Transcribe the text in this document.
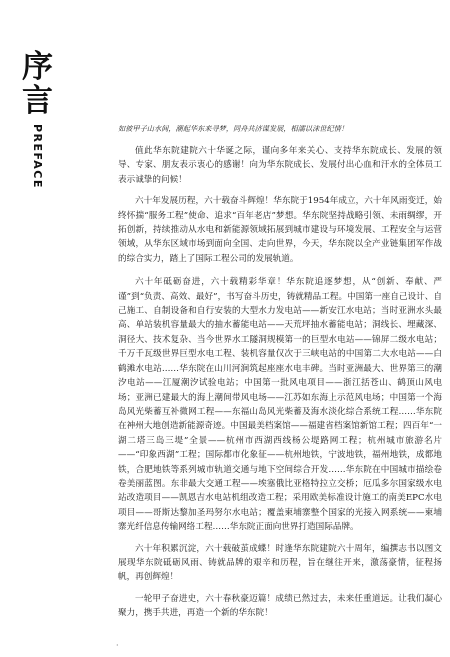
序言
PREFACE	如彼甲子山水间，潮起华东来寻梦，同舟共济谋发展，相濡以沫世纪情！

值此华东院建院六十华诞之际，谨向多年来关心、支持华东院成长、发展的领导、专家、朋友表示衷心的感谢！向为华东院成长、发展付出心血和汗水的全体员工表示诚挚的问候！

六十年发展历程，六十载奋斗辉煌！华东院于1954年成立，六十年风雨变迁，始终怀揣“服务工程”使命、追求“百年老店”梦想。华东院坚持战略引领、未雨绸缪，开拓创新，持续推动从水电和新能源领域拓展到城市建设与环境发展、工程安全与运营领域，从华东区域市场到面向全国、走向世界，今天，华东院以全产业链集团军作战的综合实力，踏上了国际工程公司的发展轨道。

六十年砥砺奋进，六十载精彩华章！华东院追逐梦想，从“创新、奉献、严谨”到“负责、高效、最好”，书写奋斗历史，铸就精品工程。中国第一座自己设计、自己施工、自制设备和自行安装的大型水力发电站——新安江水电站；当时亚洲水头最高、单站装机容量最大的抽水蓄能电站——天荒坪抽水蓄能电站；洞线长、埋藏深、洞径大、技术复杂、当今世界水工隧洞规模第一的巨型水电站——锦屏二级水电站；千万千瓦级世界巨型水电工程、装机容量仅次于三峡电站的中国第二大水电站——白鹤滩水电站……华东院在山川河涧筑起座座水电丰碑。当时亚洲最大、世界第三的潮汐电站——江厦潮汐试验电站；中国第一批风电项目——浙江括苍山、鹤顶山风电场；亚洲已建最大的海上潮间带风电场——江苏如东海上示范风电场；中国第一个海岛风光柴蓄互补微网工程——东福山岛风光柴蓄及海水淡化综合系统工程……华东院在神州大地创造新能源奇迹。中国最美档案馆——福建省档案馆新馆工程；四百年“一湖二塔三岛三堤”全景——杭州市西湖西线杨公堤路网工程；杭州城市旅游名片——“印象西湖”工程；国际都市化象征——杭州地铁，宁波地铁，福州地铁，成都地铁，合肥地铁等系列城市轨道交通与地下空间综合开发……华东院在中国城市描绘卷卷美丽蓝图。东非最大交通工程——埃塞俄比亚格特拉立交桥；厄瓜多尔国家级水电站改造项目——凯恩吉水电站机组改造工程；采用欧美标准设计施工的南美EPC水电项目——哥斯达黎加圣玛努尔水电站；覆盖柬埔寨整个国家的光接入网系统——柬埔寨光纤信息传输网络工程……华东院正面向世界打造国际品牌。

六十年积累沉淀，六十载破茧成蝶！时逢华东院建院六十周年，编撰志书以图文展现华东院砥砺风雨、铸就品牌的艰辛和历程，旨在继往开来，激荡豪情，征程扬帆，再创辉煌！

一轮甲子奋进史，六十春秋豪迈篇！成绩已然过去，未来任重道远。让我们凝心聚力，携手共进，再造一个新的华东院！

·
